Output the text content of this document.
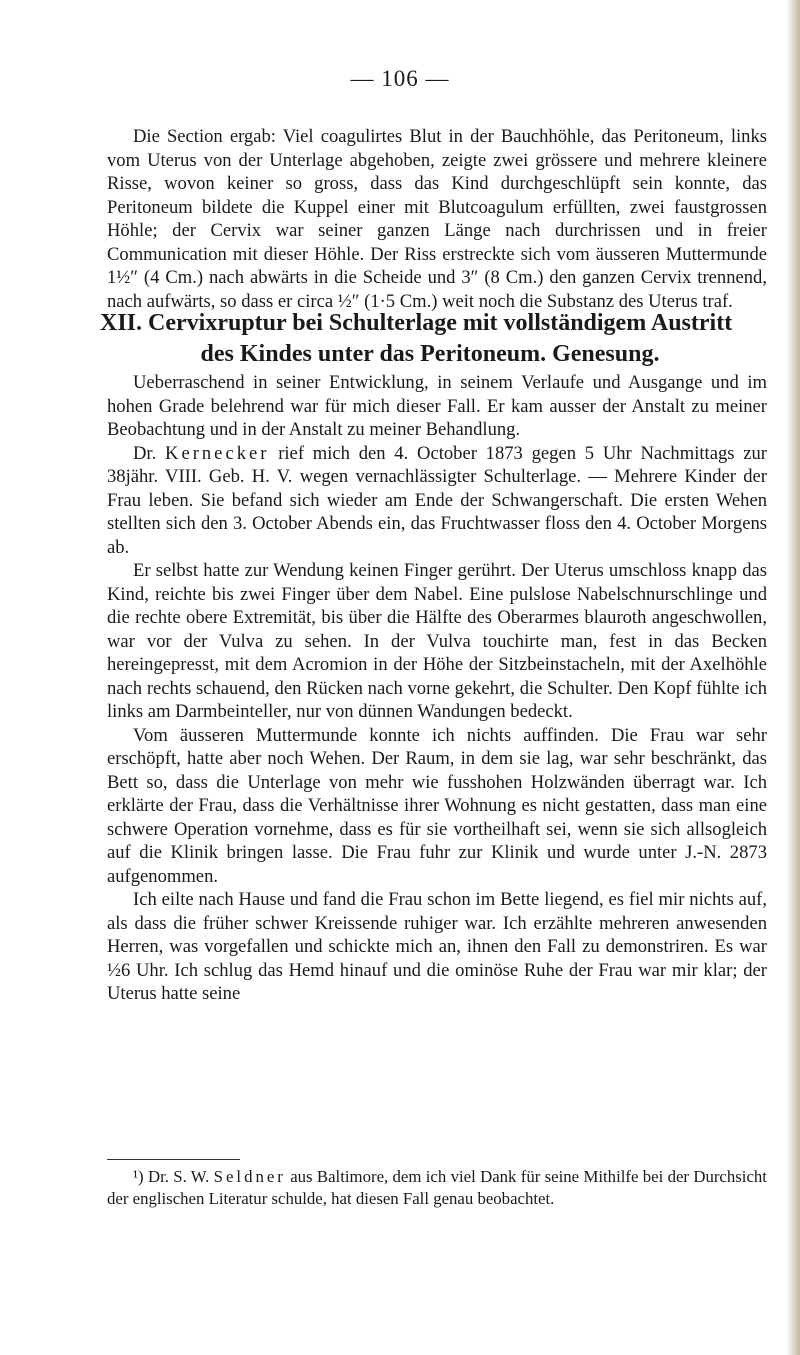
— 106 —

Die Section ergab: Viel coagulirtes Blut in der Bauchhöhle, das Peritoneum, links vom Uterus von der Unterlage abgehoben, zeigte zwei grössere und mehrere kleinere Risse, wovon keiner so gross, dass das Kind durchgeschlüpft sein konnte, das Peritoneum bildete die Kuppel einer mit Blutcoagulum erfüllten, zwei faustgrossen Höhle; der Cervix war seiner ganzen Länge nach durchrissen und in freier Communication mit dieser Höhle. Der Riss erstreckte sich vom äusseren Muttermunde 1½″ (4 Cm.) nach abwärts in die Scheide und 3″ (8 Cm.) den ganzen Cervix trennend, nach aufwärts, so dass er circa ½″ (1·5 Cm.) weit noch die Substanz des Uterus traf.

XII. Cervixruptur bei Schulterlage mit vollständigem Austritt
des Kindes unter das Peritoneum. Genesung.

Ueberraschend in seiner Entwicklung, in seinem Verlaufe und Ausgange und im hohen Grade belehrend war für mich dieser Fall. Er kam ausser der Anstalt zu meiner Beobachtung und in der Anstalt zu meiner Behandlung.

Dr. Kernecker rief mich den 4. October 1873 gegen 5 Uhr Nachmittags zur 38jähr. VIII. Geb. H. V. wegen vernachlässigter Schulterlage. — Mehrere Kinder der Frau leben. Sie befand sich wieder am Ende der Schwangerschaft. Die ersten Wehen stellten sich den 3. October Abends ein, das Fruchtwasser floss den 4. October Morgens ab.

Er selbst hatte zur Wendung keinen Finger gerührt. Der Uterus umschloss knapp das Kind, reichte bis zwei Finger über dem Nabel. Eine pulslose Nabelschnurschlinge und die rechte obere Extremität, bis über die Hälfte des Oberarmes blauroth angeschwollen, war vor der Vulva zu sehen. In der Vulva touchirte man, fest in das Becken hereingepresst, mit dem Acromion in der Höhe der Sitzbeinstacheln, mit der Axelhöhle nach rechts schauend, den Rücken nach vorne gekehrt, die Schulter. Den Kopf fühlte ich links am Darmbeinteller, nur von dünnen Wandungen bedeckt.

Vom äusseren Muttermunde konnte ich nichts auffinden. Die Frau war sehr erschöpft, hatte aber noch Wehen. Der Raum, in dem sie lag, war sehr beschränkt, das Bett so, dass die Unterlage von mehr wie fusshohen Holzwänden überragt war. Ich erklärte der Frau, dass die Verhältnisse ihrer Wohnung es nicht gestatten, dass man eine schwere Operation vornehme, dass es für sie vortheilhaft sei, wenn sie sich allsogleich auf die Klinik bringen lasse. Die Frau fuhr zur Klinik und wurde unter J.-N. 2873 aufgenommen.

Ich eilte nach Hause und fand die Frau schon im Bette liegend, es fiel mir nichts auf, als dass die früher schwer Kreissende ruhiger war. Ich erzählte mehreren anwesenden Herren, was vorgefallen und schickte mich an, ihnen den Fall zu demonstriren. Es war ½6 Uhr. Ich schlug das Hemd hinauf und die ominöse Ruhe der Frau war mir klar; der Uterus hatte seine

¹) Dr. S. W. Seldner aus Baltimore, dem ich viel Dank für seine Mithilfe bei der Durchsicht der englischen Literatur schulde, hat diesen Fall genau beobachtet.
